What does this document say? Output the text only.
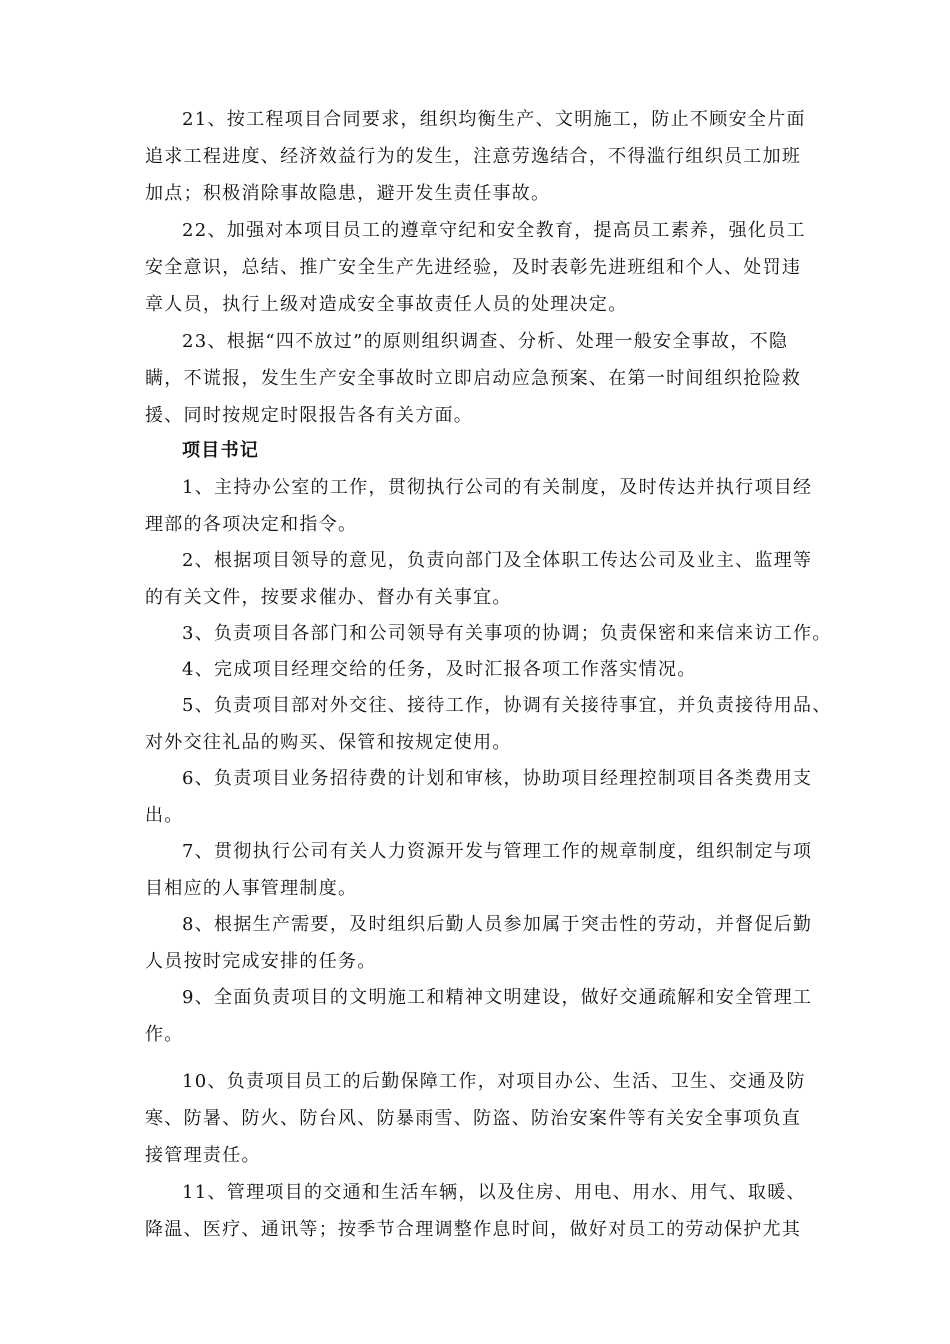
21、按工程项目合同要求，组织均衡生产、文明施工，防止不顾安全片面
追求工程进度、经济效益行为的发生，注意劳逸结合，不得滥行组织员工加班
加点；积极消除事故隐患，避开发生责任事故。
22、加强对本项目员工的遵章守纪和安全教育，提高员工素养，强化员工
安全意识，总结、推广安全生产先进经验，及时表彰先进班组和个人、处罚违
章人员，执行上级对造成安全事故责任人员的处理决定。
23、根据“四不放过”的原则组织调查、分析、处理一般安全事故，不隐
瞒，不谎报，发生生产安全事故时立即启动应急预案、在第一时间组织抢险救
援、同时按规定时限报告各有关方面。
项目书记
1、主持办公室的工作，贯彻执行公司的有关制度，及时传达并执行项目经
理部的各项决定和指令。
2、根据项目领导的意见，负责向部门及全体职工传达公司及业主、监理等
的有关文件，按要求催办、督办有关事宜。
3、负责项目各部门和公司领导有关事项的协调；负责保密和来信来访工作。
4、完成项目经理交给的任务，及时汇报各项工作落实情况。
5、负责项目部对外交往、接待工作，协调有关接待事宜，并负责接待用品、
对外交往礼品的购买、保管和按规定使用。
6、负责项目业务招待费的计划和审核，协助项目经理控制项目各类费用支
出。
7、贯彻执行公司有关人力资源开发与管理工作的规章制度，组织制定与项
目相应的人事管理制度。
8、根据生产需要，及时组织后勤人员参加属于突击性的劳动，并督促后勤
人员按时完成安排的任务。
9、全面负责项目的文明施工和精神文明建设，做好交通疏解和安全管理工
作。
10、负责项目员工的后勤保障工作，对项目办公、生活、卫生、交通及防
寒、防暑、防火、防台风、防暴雨雪、防盗、防治安案件等有关安全事项负直
接管理责任。
11、管理项目的交通和生活车辆，以及住房、用电、用水、用气、取暖、
降温、医疗、通讯等；按季节合理调整作息时间，做好对员工的劳动保护尤其
